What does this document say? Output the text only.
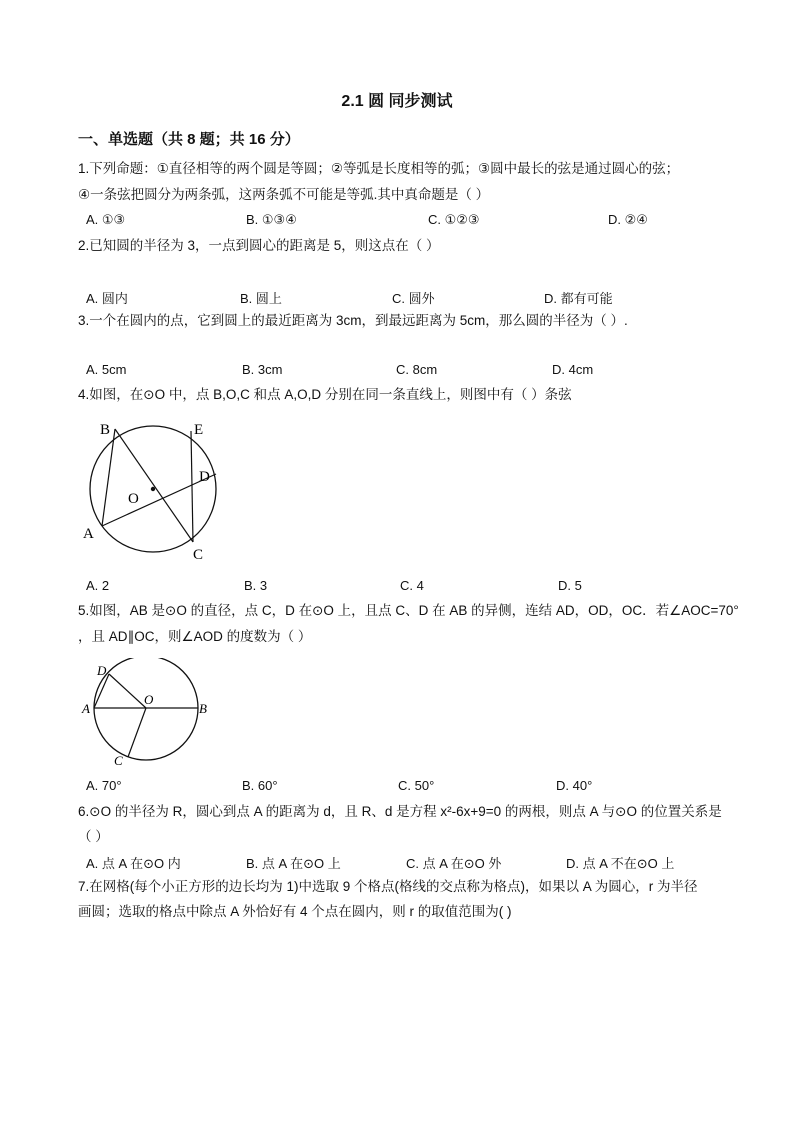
2.1 圆 同步测试
一、单选题（共 8 题；共 16 分）
1.下列命题：①直径相等的两个圆是等圆；②等弧是长度相等的弧；③圆中最长的弦是通过圆心的弦；
④一条弦把圆分为两条弧，这两条弧不可能是等弧.其中真命题是（ ）
A. ①③	B. ①③④	C. ①②③	D. ②④
2.已知圆的半径为 3，一点到圆心的距离是 5，则这点在（ ）
A. 圆内	B. 圆上	C. 圆外	D. 都有可能
3.一个在圆内的点，它到圆上的最近距离为 3cm，到最远距离为 5cm，那么圆的半径为（ ）.
A. 5cm	B. 3cm	C. 8cm	D. 4cm
4.如图，在⊙O 中，点 B,O,C 和点 A,O,D 分别在同一条直线上，则图中有（ ）条弦
B	E
D
O
A
C
A. 2	B. 3	C. 4	D. 5
5.如图，AB 是⊙O 的直径，点 C，D 在⊙O 上，且点 C、D 在 AB 的异侧，连结 AD，OD，OC．若∠AOC=70°
，且 AD∥OC，则∠AOD 的度数为（ ）
D
O
A	B
C
A. 70°	B. 60°	C. 50°	D. 40°
6.⊙O 的半径为 R，圆心到点 A 的距离为 d，且 R、d 是方程 x²-6x+9=0 的两根，则点 A 与⊙O 的位置关系是
（ ）
A. 点 A 在⊙O 内	B. 点 A 在⊙O 上	C. 点 A 在⊙O 外	D. 点 A 不在⊙O 上
7.在网格(每个小正方形的边长均为 1)中选取 9 个格点(格线的交点称为格点)，如果以 A 为圆心，r 为半径
画圆；选取的格点中除点 A 外恰好有 4 个点在圆内，则 r 的取值范围为( )
